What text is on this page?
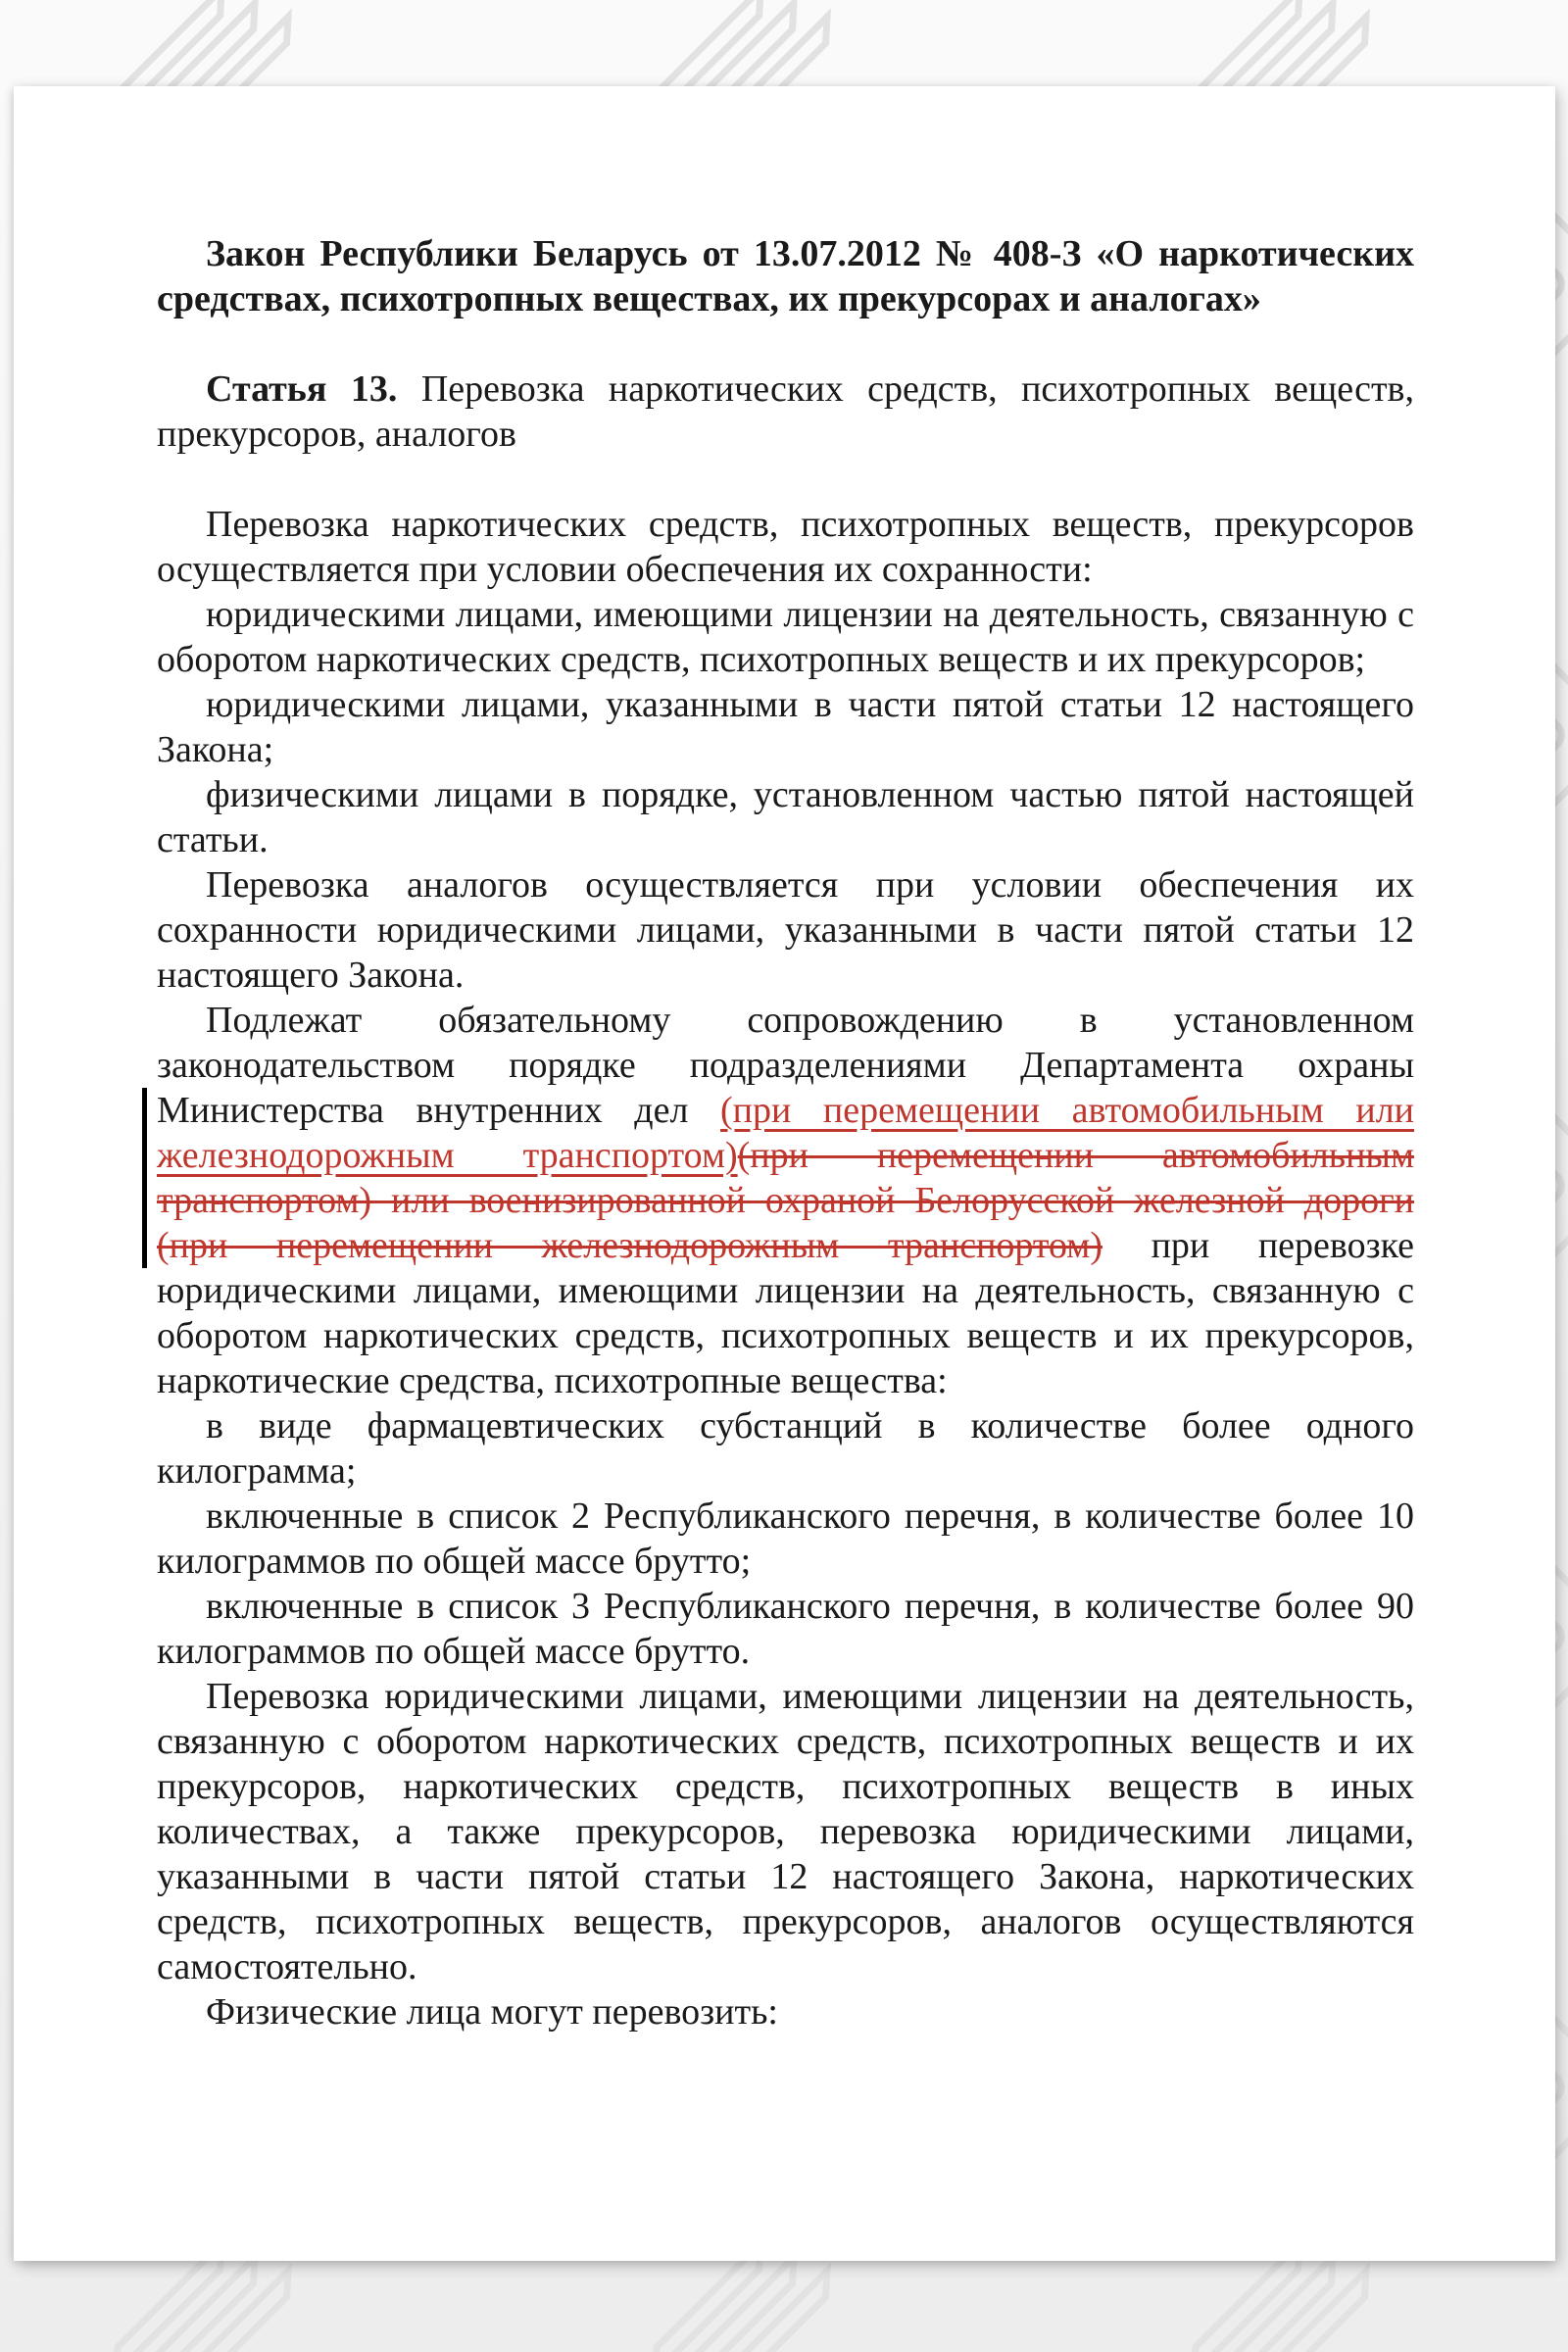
Закон Республики Беларусь от 13.07.2012 № 408-З «О наркотических средствах, психотропных веществах, их прекурсорах и аналогах»

Статья 13. Перевозка наркотических средств, психотропных веществ, прекурсоров, аналогов

Перевозка наркотических средств, психотропных веществ, прекурсоров осуществляется при условии обеспечения их сохранности:

юридическими лицами, имеющими лицензии на деятельность, связанную с оборотом наркотических средств, психотропных веществ и их прекурсоров;

юридическими лицами, указанными в части пятой статьи 12 настоящего Закона;

физическими лицами в порядке, установленном частью пятой настоящей статьи.

Перевозка аналогов осуществляется при условии обеспечения их сохранности юридическими лицами, указанными в части пятой статьи 12 настоящего Закона.

Подлежат обязательному сопровождению в установленном законодательством порядке подразделениями Департамента охраны Министерства внутренних дел (при перемещении автомобильным или железнодорожным транспортом)(при перемещении автомобильным транспортом) или военизированной охраной Белорусской железной дороги (при перемещении железнодорожным транспортом) при перевозке юридическими лицами, имеющими лицензии на деятельность, связанную с оборотом наркотических средств, психотропных веществ и их прекурсоров, наркотические средства, психотропные вещества:

в виде фармацевтических субстанций в количестве более одного килограмма;

включенные в список 2 Республиканского перечня, в количестве более 10 килограммов по общей массе брутто;

включенные в список 3 Республиканского перечня, в количестве более 90 килограммов по общей массе брутто.

Перевозка юридическими лицами, имеющими лицензии на деятельность, связанную с оборотом наркотических средств, психотропных веществ и их прекурсоров, наркотических средств, психотропных веществ в иных количествах, а также прекурсоров, перевозка юридическими лицами, указанными в части пятой статьи 12 настоящего Закона, наркотических средств, психотропных веществ, прекурсоров, аналогов осуществляются самостоятельно.

Физические лица могут перевозить:
